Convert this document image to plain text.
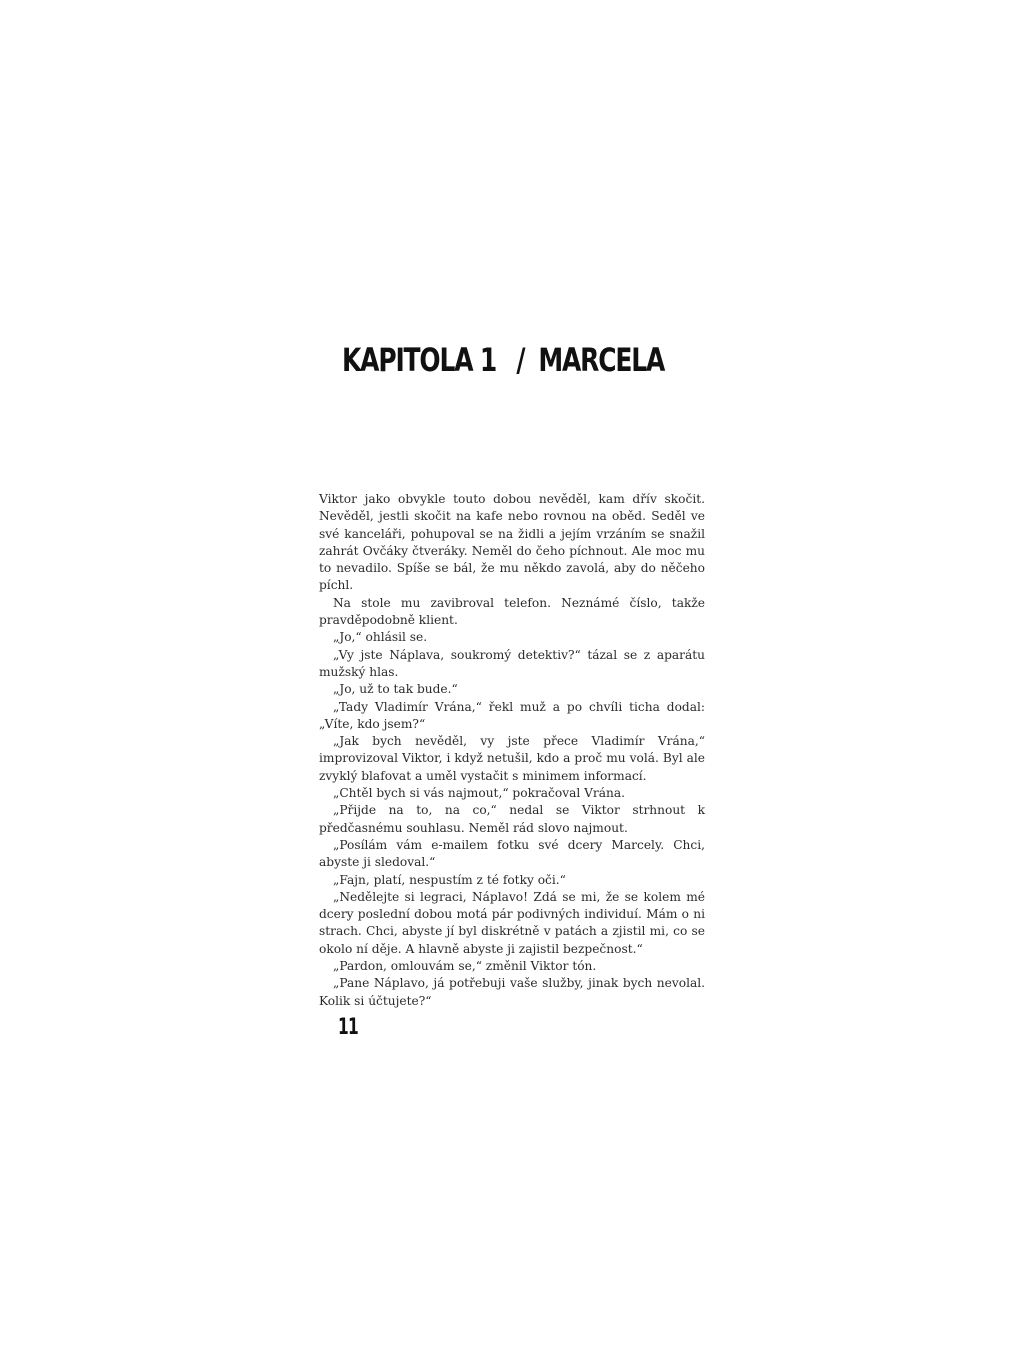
KAPITOLA 1 / MARCELA

Viktor jako obvykle touto dobou nevěděl, kam dřív skočit. Nevěděl, jestli skočit na kafe nebo rovnou na oběd. Seděl ve své kanceláři, pohupoval se na židli a jejím vrzáním se snažil zahrát Ovčáky čtveráky. Neměl do čeho píchnout. Ale moc mu to nevadilo. Spíše se bál, že mu někdo zavolá, aby do něčeho píchl.

Na stole mu zavibroval telefon. Neznámé číslo, takže pravděpodobně klient.

„Jo,“ ohlásil se.

„Vy jste Náplava, soukromý detektiv?“ tázal se z aparátu mužský hlas.

„Jo, už to tak bude.“

„Tady Vladimír Vrána,“ řekl muž a po chvíli ticha dodal: „Víte, kdo jsem?“

„Jak bych nevěděl, vy jste přece Vladimír Vrána,“ improvizoval Viktor, i když netušil, kdo a proč mu volá. Byl ale zvyklý blafovat a uměl vystačit s minimem informací.

„Chtěl bych si vás najmout,“ pokračoval Vrána.

„Přijde na to, na co,“ nedal se Viktor strhnout k předčasnému souhlasu. Neměl rád slovo najmout.

„Posílám vám e-mailem fotku své dcery Marcely. Chci, abyste ji sledoval.“

„Fajn, platí, nespustím z té fotky oči.“

„Nedělejte si legraci, Náplavo! Zdá se mi, že se kolem mé dcery poslední dobou motá pár podivných individuí. Mám o ni strach. Chci, abyste jí byl diskrétně v patách a zjistil mi, co se okolo ní děje. A hlavně abyste ji zajistil bezpečnost.“

„Pardon, omlouvám se,“ změnil Viktor tón.

„Pane Náplavo, já potřebuji vaše služby, jinak bych nevolal. Kolik si účtujete?“

11
